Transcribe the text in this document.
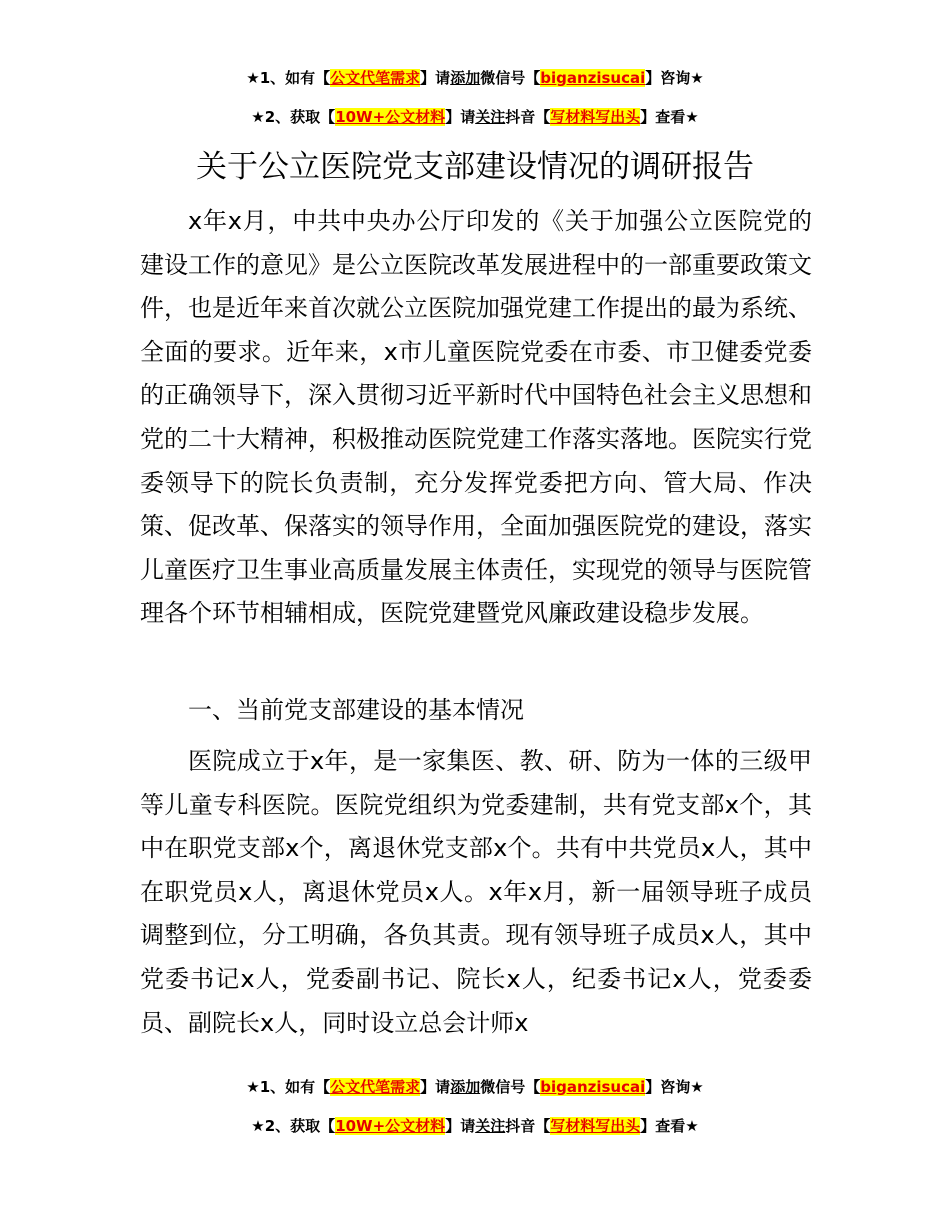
★1、如有【公文代笔需求】请添加微信号【biganzisucai】咨询★
★2、获取【10W+公文材料】请关注抖音【写材料写出头】查看★
关于公立医院党支部建设情况的调研报告

x年x月，中共中央办公厅印发的《关于加强公立医院党的建设工作的意见》是公立医院改革发展进程中的一部重要政策文件，也是近年来首次就公立医院加强党建工作提出的最为系统、全面的要求。近年来，x市儿童医院党委在市委、市卫健委党委的正确领导下，深入贯彻习近平新时代中国特色社会主义思想和党的二十大精神，积极推动医院党建工作落实落地。医院实行党委领导下的院长负责制，充分发挥党委把方向、管大局、作决策、促改革、保落实的领导作用，全面加强医院党的建设，落实儿童医疗卫生事业高质量发展主体责任，实现党的领导与医院管理各个环节相辅相成，医院党建暨党风廉政建设稳步发展。

一、当前党支部建设的基本情况

医院成立于x年，是一家集医、教、研、防为一体的三级甲等儿童专科医院。医院党组织为党委建制，共有党支部x个，其中在职党支部x个，离退休党支部x个。共有中共党员x人，其中在职党员x人，离退休党员x人。x年x月，新一届领导班子成员调整到位，分工明确，各负其责。现有领导班子成员x人，其中党委书记x人，党委副书记、院长x人，纪委书记x人，党委委员、副院长x人，同时设立总会计师x

★1、如有【公文代笔需求】请添加微信号【biganzisucai】咨询★
★2、获取【10W+公文材料】请关注抖音【写材料写出头】查看★
